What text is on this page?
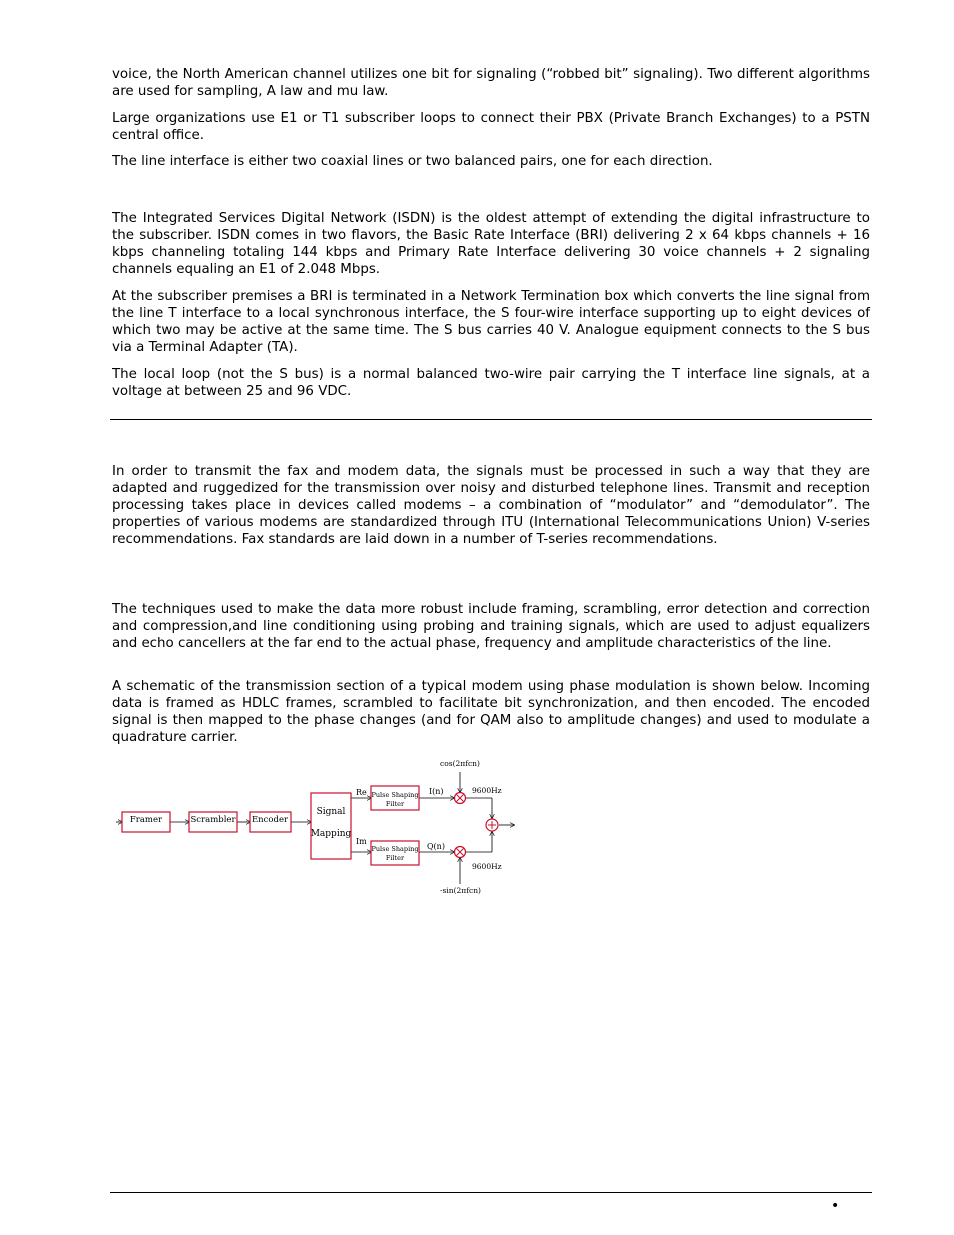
voice, the North American channel utilizes one bit for signaling (“robbed bit” signaling). Two different algorithms are used for sampling, A law and mu law.

Large organizations use E1 or T1 subscriber loops to connect their PBX (Private Branch Exchanges) to a PSTN central office.

The line interface is either two coaxial lines or two balanced pairs, one for each direction.

The Integrated Services Digital Network (ISDN) is the oldest attempt of extending the digital infrastructure to the subscriber. ISDN comes in two flavors, the Basic Rate Interface (BRI) delivering 2 x 64 kbps channels + 16 kbps channeling totaling 144 kbps and Primary Rate Interface delivering 30 voice channels + 2 signaling channels equaling an E1 of 2.048 Mbps.

At the subscriber premises a BRI is terminated in a Network Termination box which converts the line signal from the line T interface to a local synchronous interface, the S four-wire interface supporting up to eight devices of which two may be active at the same time. The S bus carries 40 V. Analogue equipment connects to the S bus via a Terminal Adapter (TA).

The local loop (not the S bus) is a normal balanced two-wire pair carrying the T interface line signals, at a voltage at between 25 and 96 VDC.

In order to transmit the fax and modem data, the signals must be processed in such a way that they are adapted and ruggedized for the transmission over noisy and disturbed telephone lines. Transmit and reception processing takes place in devices called modems – a combination of “modulator” and “demodulator”. The properties of various modems are standardized through ITU (International Telecommunications Union) V-series recommendations. Fax standards are laid down in a number of T-series recommendations.

The techniques used to make the data more robust include framing, scrambling, error detection and correction and compression,and line conditioning using probing and training signals, which are used to adjust equalizers and echo cancellers at the far end to the actual phase, frequency and amplitude characteristics of the line.

A schematic of the transmission section of a typical modem using phase modulation is shown below. Incoming data is framed as HDLC frames, scrambled to facilitate bit synchronization, and then encoded. The encoded signal is then mapped to the phase changes (and for QAM also to amplitude changes) and used to modulate a quadrature carrier.

Framer	Scrambler Encoder
Signal
Mapping
Re
Im
Pulse Shaping
Filter
Pulse Shaping
Filter
I(n)
Q(n)
cos(2πfcn)
-sin(2πfcn)
9600Hz
9600Hz
•
